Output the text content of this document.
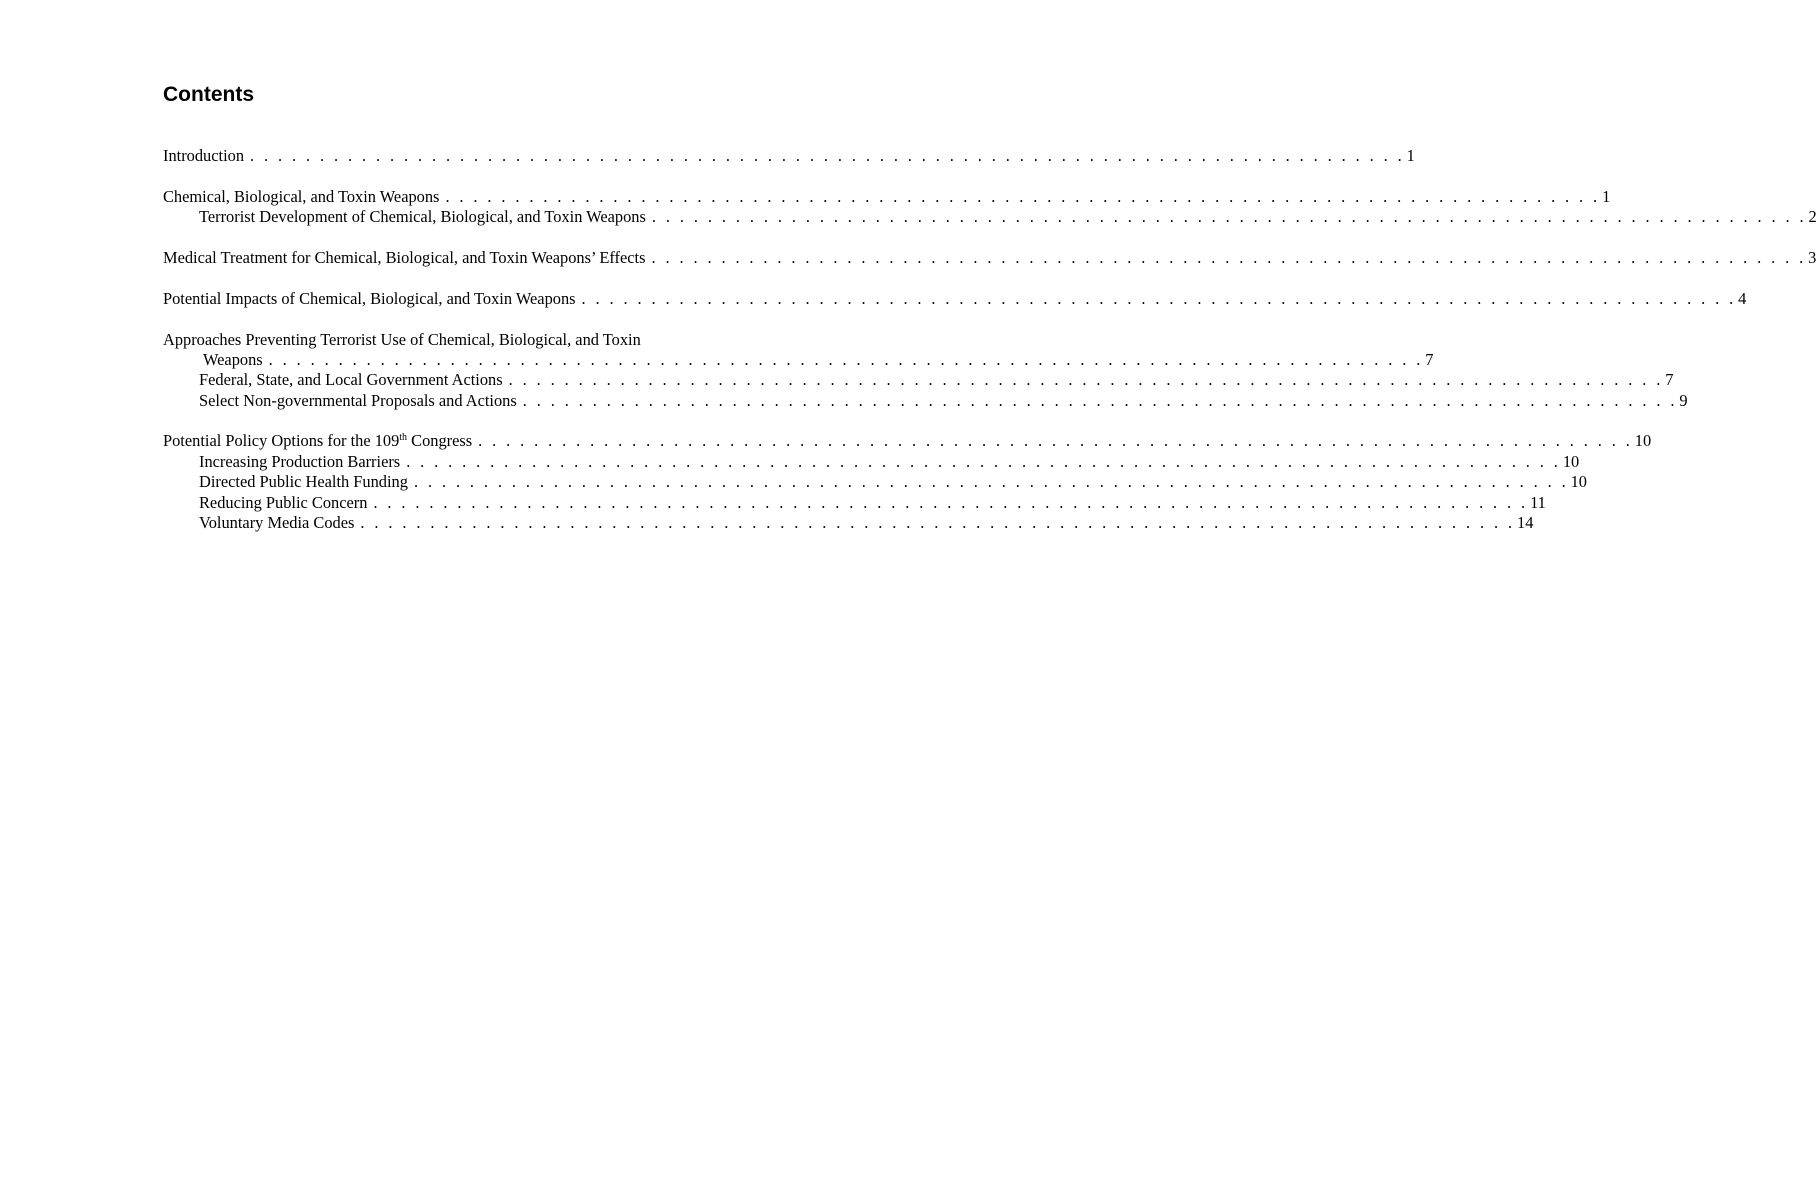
Contents
Introduction . . . . . . . . . . . . . . . . . . . . . . . . . . . . . . . . . . . . . . . . . . . . . . . . . . . . . . . . . . . . . . . . . . . . . . . . . . . . . . . . . . . 1
Chemical, Biological, and Toxin Weapons . . . . . . . . . . . . . . . . . . . . . . . . . . . . . . . . . . . . . . . . . . . . . . . . . . . . . . . . . . . . . . . . . . . . . . . . . . . . . . . . . . . 1
Terrorist Development of Chemical, Biological, and Toxin Weapons . . . . . . . . . . . . . . . . . . . . . . . . . . . . . . . . . . . . . . . . . . . . . . . . . . . . . . . . . . . . . . . . . . . . . . . . . . . . . . . . . . . 2
Medical Treatment for Chemical, Biological, and Toxin Weapons’ Effects . . . . . . . . . . . . . . . . . . . . . . . . . . . . . . . . . . . . . . . . . . . . . . . . . . . . . . . . . . . . . . . . . . . . . . . . . . . . . . . . . . . 3
Potential Impacts of Chemical, Biological, and Toxin Weapons . . . . . . . . . . . . . . . . . . . . . . . . . . . . . . . . . . . . . . . . . . . . . . . . . . . . . . . . . . . . . . . . . . . . . . . . . . . . . . . . . . . 4
Approaches Preventing Terrorist Use of Chemical, Biological, and Toxin
Weapons . . . . . . . . . . . . . . . . . . . . . . . . . . . . . . . . . . . . . . . . . . . . . . . . . . . . . . . . . . . . . . . . . . . . . . . . . . . . . . . . . . . 7
Federal, State, and Local Government Actions . . . . . . . . . . . . . . . . . . . . . . . . . . . . . . . . . . . . . . . . . . . . . . . . . . . . . . . . . . . . . . . . . . . . . . . . . . . . . . . . . . . 7
Select Non-governmental Proposals and Actions . . . . . . . . . . . . . . . . . . . . . . . . . . . . . . . . . . . . . . . . . . . . . . . . . . . . . . . . . . . . . . . . . . . . . . . . . . . . . . . . . . . 9
Potential Policy Options for the 109th Congress . . . . . . . . . . . . . . . . . . . . . . . . . . . . . . . . . . . . . . . . . . . . . . . . . . . . . . . . . . . . . . . . . . . . . . . . . . . . . . . . . . . 10
Increasing Production Barriers . . . . . . . . . . . . . . . . . . . . . . . . . . . . . . . . . . . . . . . . . . . . . . . . . . . . . . . . . . . . . . . . . . . . . . . . . . . . . . . . . . . 10
Directed Public Health Funding . . . . . . . . . . . . . . . . . . . . . . . . . . . . . . . . . . . . . . . . . . . . . . . . . . . . . . . . . . . . . . . . . . . . . . . . . . . . . . . . . . . 10
Reducing Public Concern . . . . . . . . . . . . . . . . . . . . . . . . . . . . . . . . . . . . . . . . . . . . . . . . . . . . . . . . . . . . . . . . . . . . . . . . . . . . . . . . . . . 11
Voluntary Media Codes . . . . . . . . . . . . . . . . . . . . . . . . . . . . . . . . . . . . . . . . . . . . . . . . . . . . . . . . . . . . . . . . . . . . . . . . . . . . . . . . . . . 14
